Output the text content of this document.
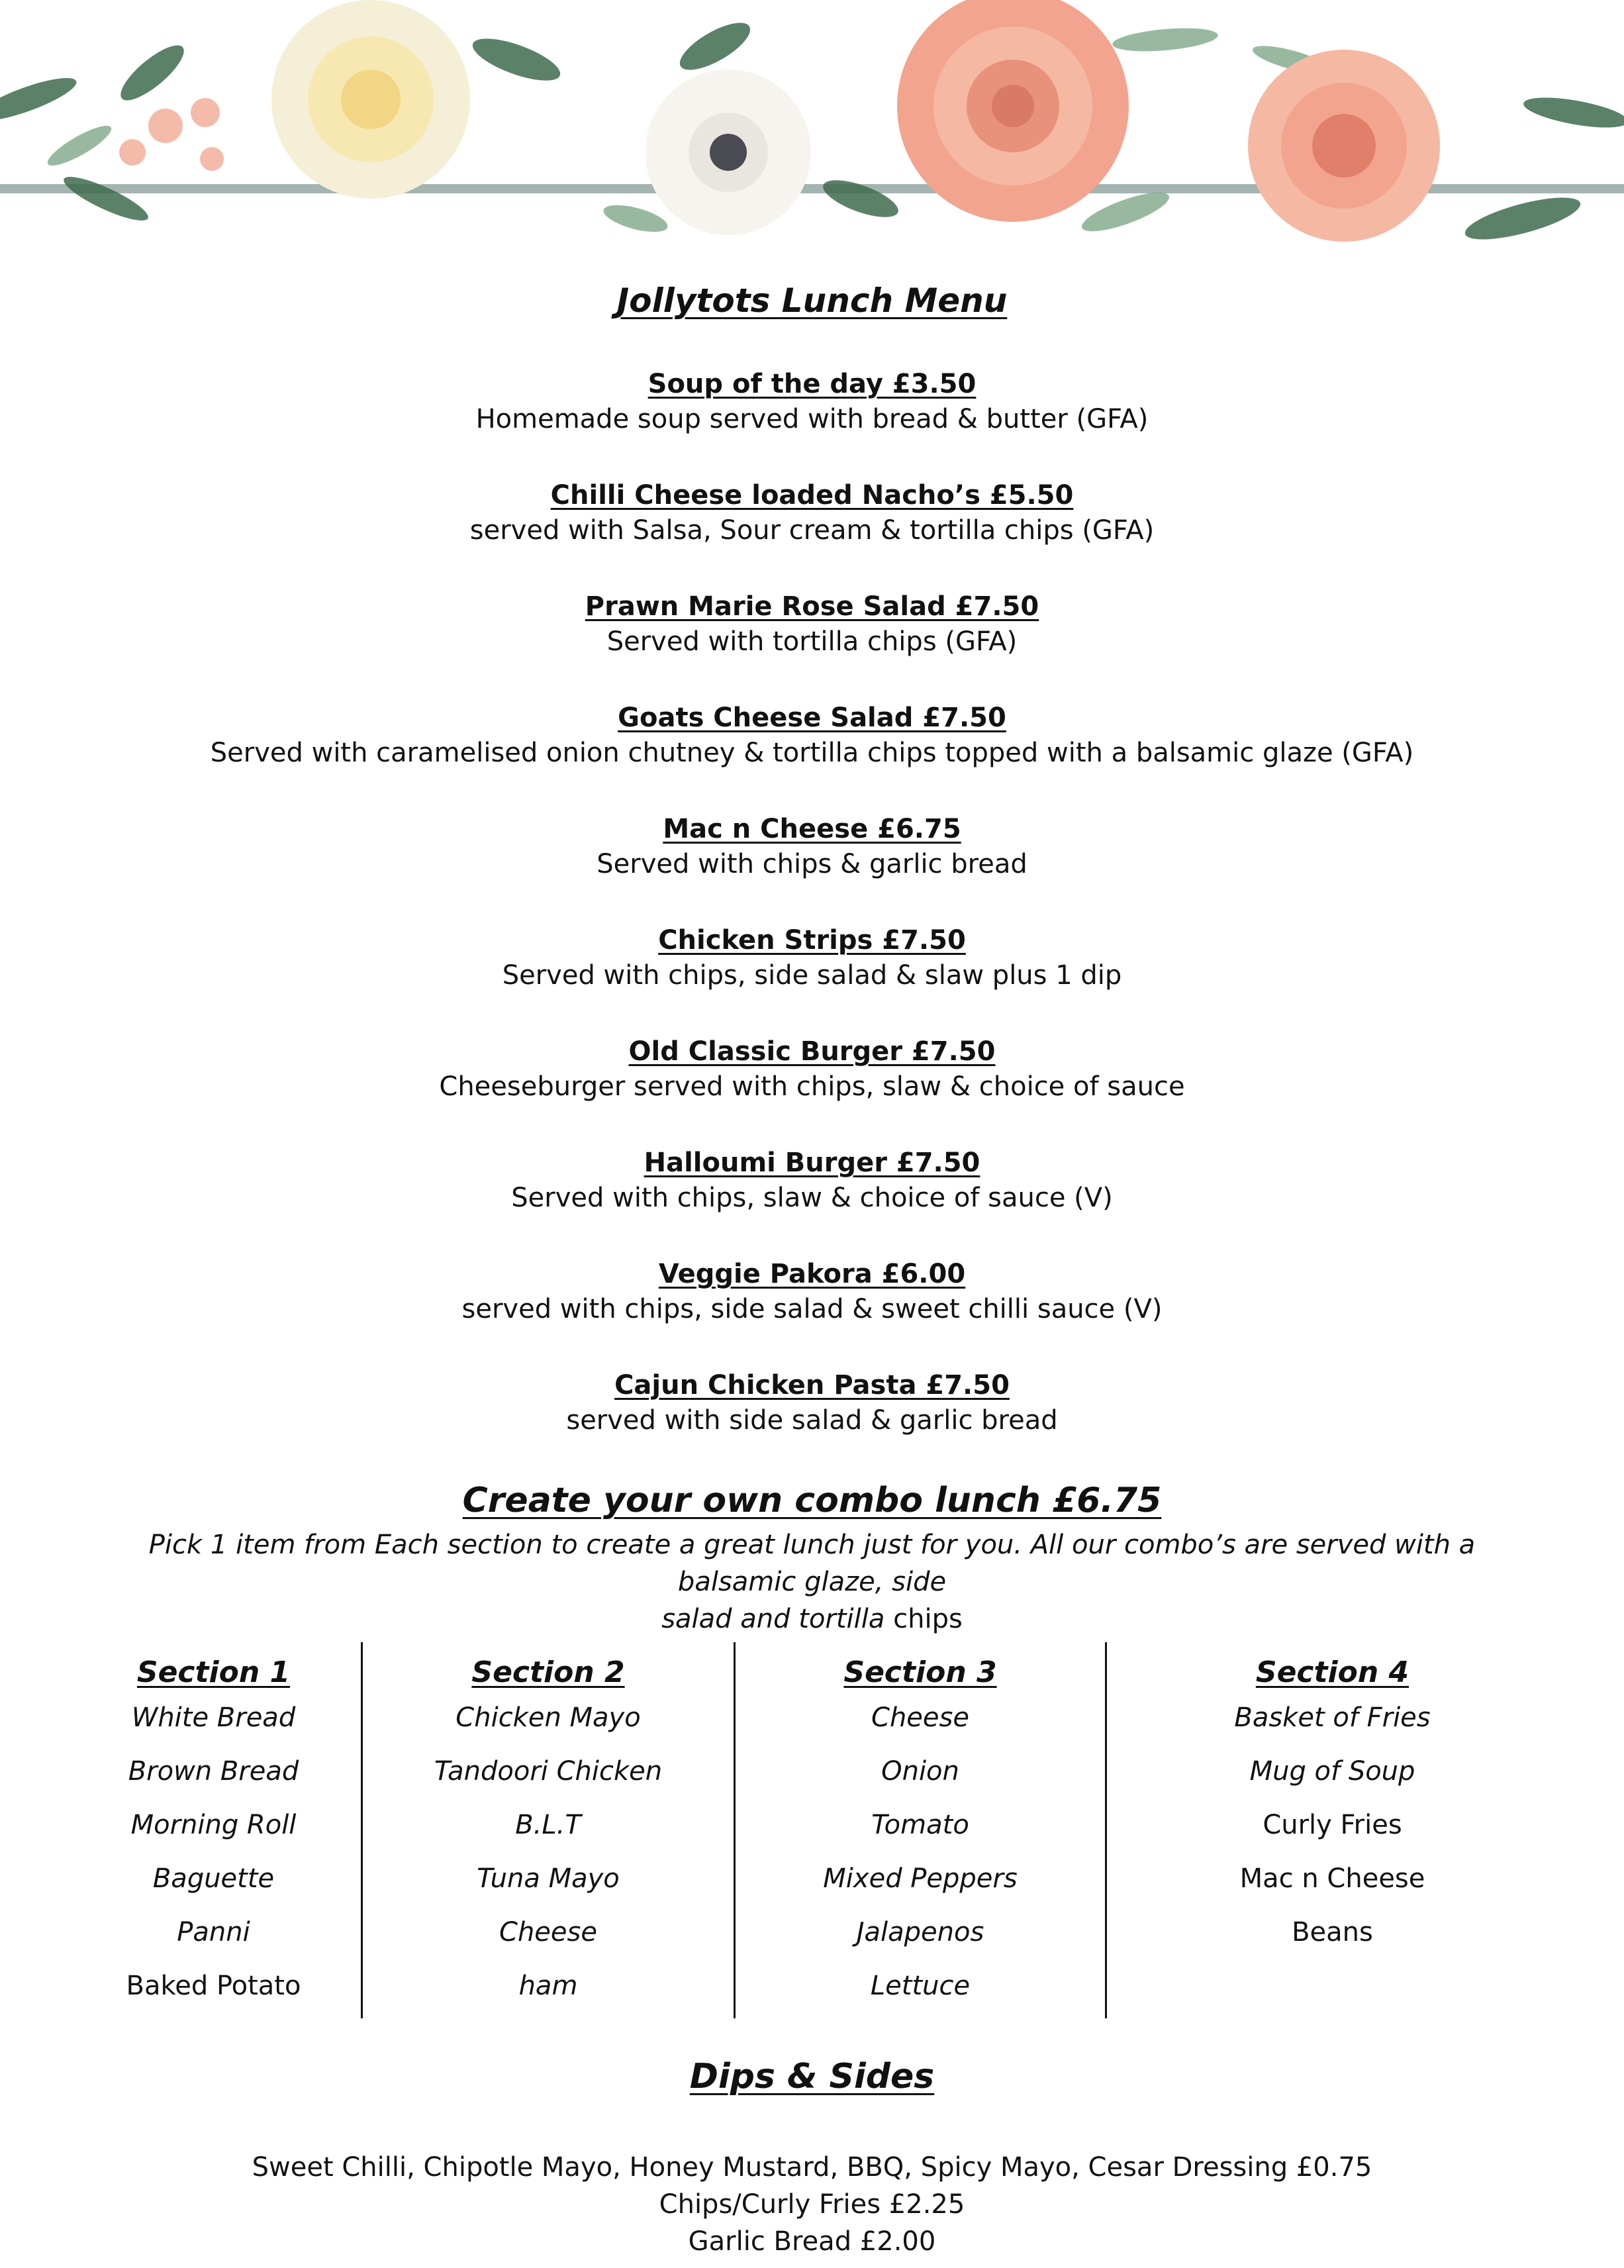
Jollytots Lunch Menu
Soup of the day £3.50
Homemade soup served with bread & butter (GFA)
Chilli Cheese loaded Nacho’s £5.50
served with Salsa, Sour cream & tortilla chips (GFA)
Prawn Marie Rose Salad £7.50
Served with tortilla chips (GFA)
Goats Cheese Salad £7.50
Served with caramelised onion chutney & tortilla chips topped with a balsamic glaze (GFA)
Mac n Cheese £6.75
Served with chips & garlic bread
Chicken Strips £7.50
Served with chips, side salad & slaw plus 1 dip
Old Classic Burger £7.50
Cheeseburger served with chips, slaw & choice of sauce
Halloumi Burger £7.50
Served with chips, slaw & choice of sauce (V)
Veggie Pakora £6.00
served with chips, side salad & sweet chilli sauce (V)
Cajun Chicken Pasta £7.50
served with side salad & garlic bread
Create your own combo lunch £6.75
Pick 1 item from Each section to create a great lunch just for you. All our combo’s are served with a balsamic glaze, side
salad and tortilla chips
Section 1
White Bread
Brown Bread
Morning Roll
Baguette
Panni
Baked Potato
Section 2
Chicken Mayo
Tandoori Chicken
B.L.T
Tuna Mayo
Cheese
ham
Section 3
Cheese
Onion
Tomato
Mixed Peppers
Jalapenos
Lettuce
Section 4
Basket of Fries
Mug of Soup
Curly Fries
Mac n Cheese
Beans
Dips & Sides
Sweet Chilli, Chipotle Mayo, Honey Mustard, BBQ, Spicy Mayo, Cesar Dressing £0.75
Chips/Curly Fries £2.25
Garlic Bread £2.00
